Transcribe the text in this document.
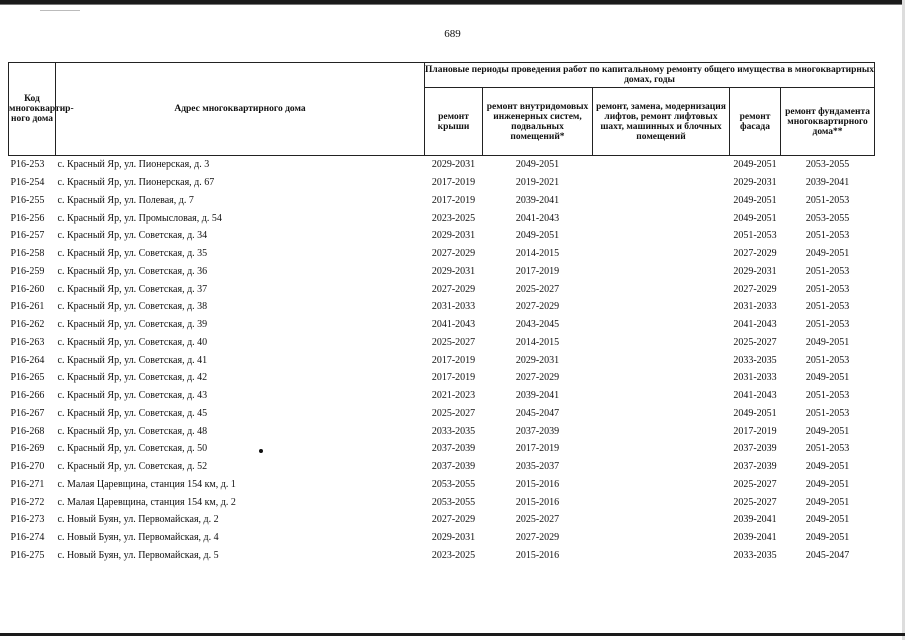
689
Код многоквартир-ного дома	Адрес многоквартирного дома	Плановые периоды проведения работ по капитальному ремонту общего имущества в многоквартирных домах, годы				
		ремонт крыши	ремонт внутридомовых инженерных систем, подвальных помещений*	ремонт, замена, модернизация лифтов, ремонт лифтовых шахт, машинных и блочных помещений	ремонт фасада	ремонт фундамента многоквартирного дома**
Р16-253	с. Красный Яр, ул. Пионерская, д. 3	2029-2031	2049-2051		2049-2051	2053-2055
Р16-254	с. Красный Яр, ул. Пионерская, д. 67	2017-2019	2019-2021		2029-2031	2039-2041
Р16-255	с. Красный Яр, ул. Полевая, д. 7	2017-2019	2039-2041		2049-2051	2051-2053
Р16-256	с. Красный Яр, ул. Промысловая, д. 54	2023-2025	2041-2043		2049-2051	2053-2055
Р16-257	с. Красный Яр, ул. Советская, д. 34	2029-2031	2049-2051		2051-2053	2051-2053
Р16-258	с. Красный Яр, ул. Советская, д. 35	2027-2029	2014-2015		2027-2029	2049-2051
Р16-259	с. Красный Яр, ул. Советская, д. 36	2029-2031	2017-2019		2029-2031	2051-2053
Р16-260	с. Красный Яр, ул. Советская, д. 37	2027-2029	2025-2027		2027-2029	2051-2053
Р16-261	с. Красный Яр, ул. Советская, д. 38	2031-2033	2027-2029		2031-2033	2051-2053
Р16-262	с. Красный Яр, ул. Советская, д. 39	2041-2043	2043-2045		2041-2043	2051-2053
Р16-263	с. Красный Яр, ул. Советская, д. 40	2025-2027	2014-2015		2025-2027	2049-2051
Р16-264	с. Красный Яр, ул. Советская, д. 41	2017-2019	2029-2031		2033-2035	2051-2053
Р16-265	с. Красный Яр, ул. Советская, д. 42	2017-2019	2027-2029		2031-2033	2049-2051
Р16-266	с. Красный Яр, ул. Советская, д. 43	2021-2023	2039-2041		2041-2043	2051-2053
Р16-267	с. Красный Яр, ул. Советская, д. 45	2025-2027	2045-2047		2049-2051	2051-2053
Р16-268	с. Красный Яр, ул. Советская, д. 48	2033-2035	2037-2039		2017-2019	2049-2051
Р16-269	с. Красный Яр, ул. Советская, д. 50	2037-2039	2017-2019		2037-2039	2051-2053
Р16-270	с. Красный Яр, ул. Советская, д. 52	2037-2039	2035-2037		2037-2039	2049-2051
Р16-271	с. Малая Царевщина, станция 154 км, д. 1	2053-2055	2015-2016		2025-2027	2049-2051
Р16-272	с. Малая Царевщина, станция 154 км, д. 2	2053-2055	2015-2016		2025-2027	2049-2051
Р16-273	с. Новый Буян, ул. Первомайская, д. 2	2027-2029	2025-2027		2039-2041	2049-2051
Р16-274	с. Новый Буян, ул. Первомайская, д. 4	2029-2031	2027-2029		2039-2041	2049-2051
Р16-275	с. Новый Буян, ул. Первомайская, д. 5	2023-2025	2015-2016		2033-2035	2045-2047
